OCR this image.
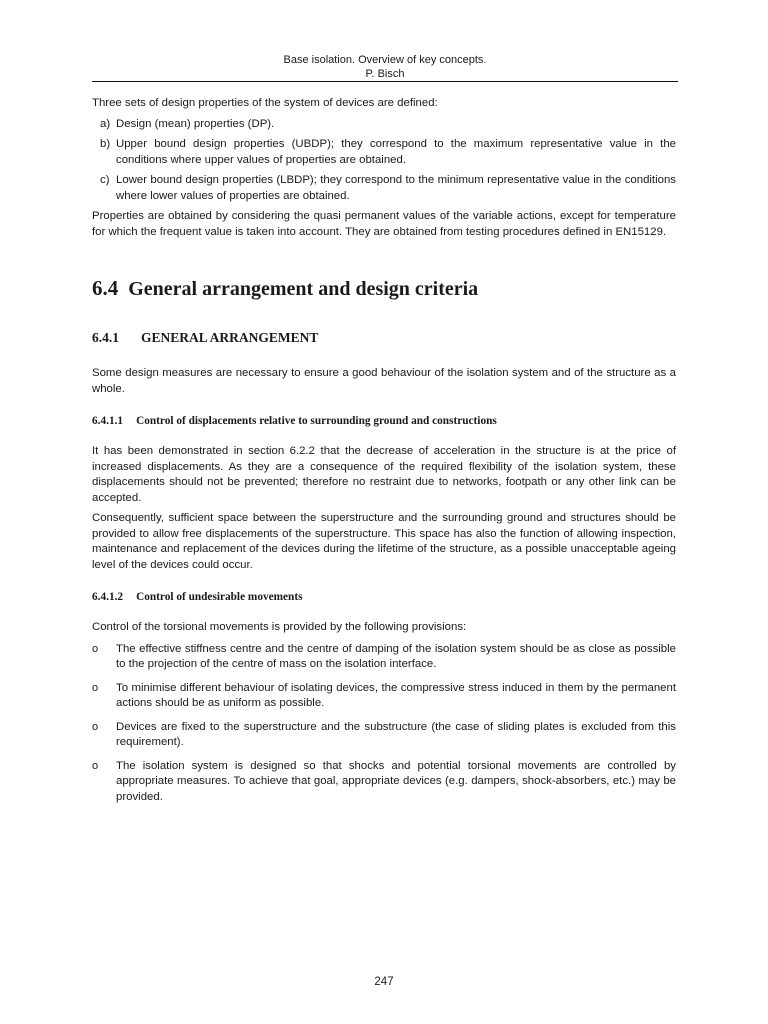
Base isolation. Overview of key concepts.
P. Bisch

Three sets of design properties of the system of devices are defined:

a) Design (mean) properties (DP).
b) Upper bound design properties (UBDP); they correspond to the maximum representative value in the conditions where upper values of properties are obtained.
c) Lower bound design properties (LBDP); they correspond to the minimum representative value in the conditions where lower values of properties are obtained.

Properties are obtained by considering the quasi permanent values of the variable actions, except for temperature for which the frequent value is taken into account. They are obtained from testing procedures defined in EN15129.

6.4 General arrangement and design criteria
6.4.1 GENERAL ARRANGEMENT

Some design measures are necessary to ensure a good behaviour of the isolation system and of the structure as a whole.

6.4.1.1 Control of displacements relative to surrounding ground and constructions

It has been demonstrated in section 6.2.2 that the decrease of acceleration in the structure is at the price of increased displacements. As they are a consequence of the required flexibility of the isolation system, these displacements should not be prevented; therefore no restraint due to networks, footpath or any other link can be accepted.

Consequently, sufficient space between the superstructure and the surrounding ground and structures should be provided to allow free displacements of the superstructure. This space has also the function of allowing inspection, maintenance and replacement of the devices during the lifetime of the structure, as a possible unacceptable ageing level of the devices could occur.

6.4.1.2 Control of undesirable movements

Control of the torsional movements is provided by the following provisions:

o The effective stiffness centre and the centre of damping of the isolation system should be as close as possible to the projection of the centre of mass on the isolation interface.
o To minimise different behaviour of isolating devices, the compressive stress induced in them by the permanent actions should be as uniform as possible.
o Devices are fixed to the superstructure and the substructure (the case of sliding plates is excluded from this requirement).
o The isolation system is designed so that shocks and potential torsional movements are controlled by appropriate measures. To achieve that goal, appropriate devices (e.g. dampers, shock-absorbers, etc.) may be provided.
247
